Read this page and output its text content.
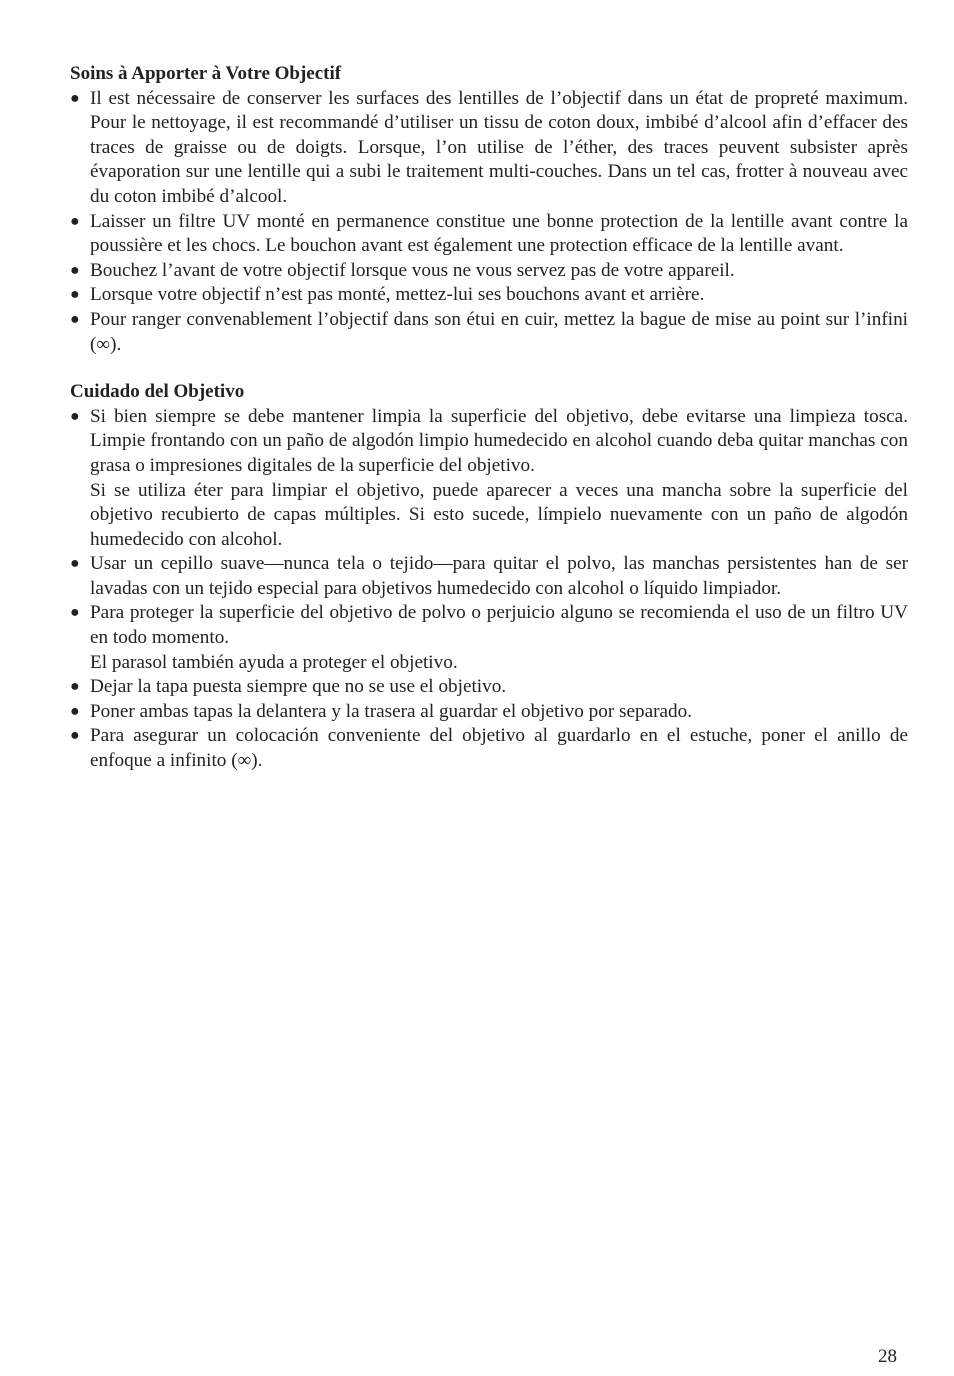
Soins à Apporter à Votre Objectif
● Il est nécessaire de conserver les surfaces des lentilles de l’objectif dans un état de propreté maximum. Pour le nettoyage, il est recommandé d’utiliser un tissu de coton doux, imbibé d’alcool afin d’effacer des traces de graisse ou de doigts. Lorsque, l’on utilise de l’éther, des traces peuvent subsister après évaporation sur une lentille qui a subi le traitement multi-couches. Dans un tel cas, frotter à nouveau avec du coton imbibé d’alcool.

● Laisser un filtre UV monté en permanence constitue une bonne protection de la lentille avant contre la poussière et les chocs. Le bouchon avant est également une protection efficace de la lentille avant.

● Bouchez l’avant de votre objectif lorsque vous ne vous servez pas de votre appareil.

● Lorsque votre objectif n’est pas monté, mettez-lui ses bouchons avant et arrière.

● Pour ranger convenablement l’objectif dans son étui en cuir, mettez la bague de mise au point sur l’infini (∞).

Cuidado del Objetivo
● Si bien siempre se debe mantener limpia la superficie del objetivo, debe evitarse una limpieza tosca. Limpie frontando con un paño de algodón limpio humedecido en alcohol cuando deba quitar manchas con grasa o impresiones digitales de la superficie del objetivo.

Si se utiliza éter para limpiar el objetivo, puede aparecer a veces una mancha sobre la superficie del objetivo recubierto de capas múltiples. Si esto sucede, límpielo nuevamente con un paño de algodón humedecido con alcohol.

● Usar un cepillo suave—nunca tela o tejido—para quitar el polvo, las manchas persistentes han de ser lavadas con un tejido especial para objetivos humedecido con alcohol o líquido limpiador.

● Para proteger la superficie del objetivo de polvo o perjuicio alguno se recomienda el uso de un filtro UV en todo momento.

El parasol también ayuda a proteger el objetivo.

● Dejar la tapa puesta siempre que no se use el objetivo.

● Poner ambas tapas la delantera y la trasera al guardar el objetivo por separado.

● Para asegurar un colocación conveniente del objetivo al guardarlo en el estuche, poner el anillo de enfoque a infinito (∞).

28
